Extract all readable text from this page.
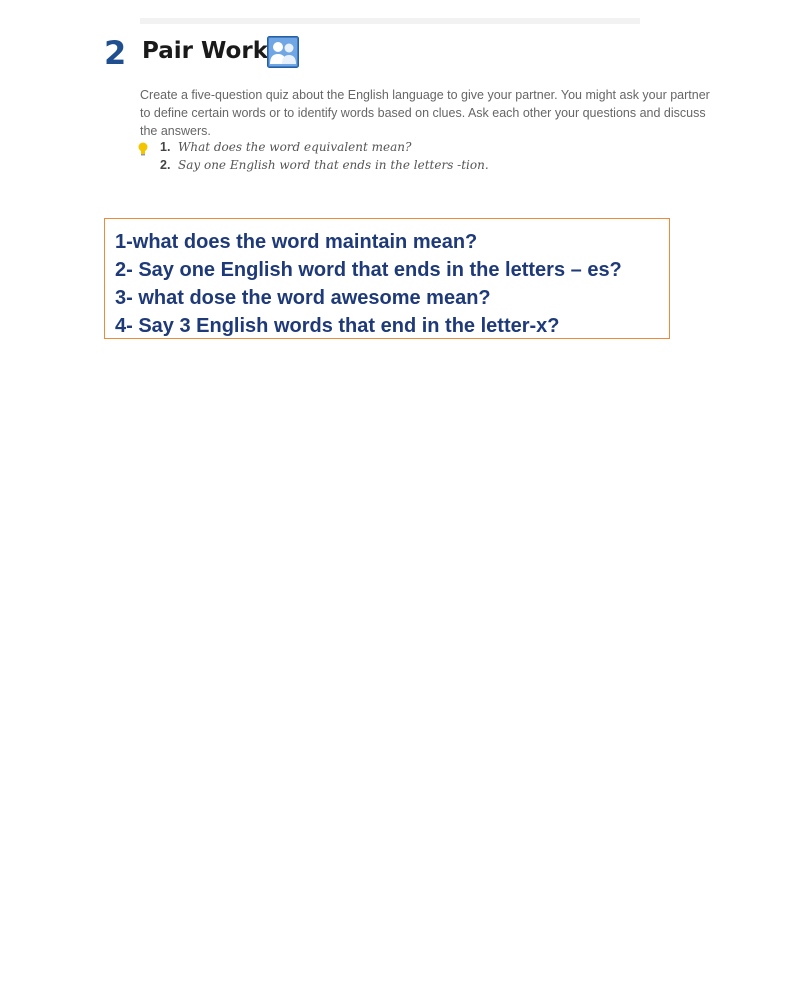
2 Pair Work

Create a five-question quiz about the English language to give your partner. You might ask your partner to define certain words or to identify words based on clues. Ask each other your questions and discuss the answers.

1. What does the word equivalent mean?
2. Say one English word that ends in the letters -tion.
1-what does the word maintain mean?
2- Say one English word that ends in the letters – es?
3- what dose the word awesome mean?
4- Say 3 English words that end in the letter-x?
